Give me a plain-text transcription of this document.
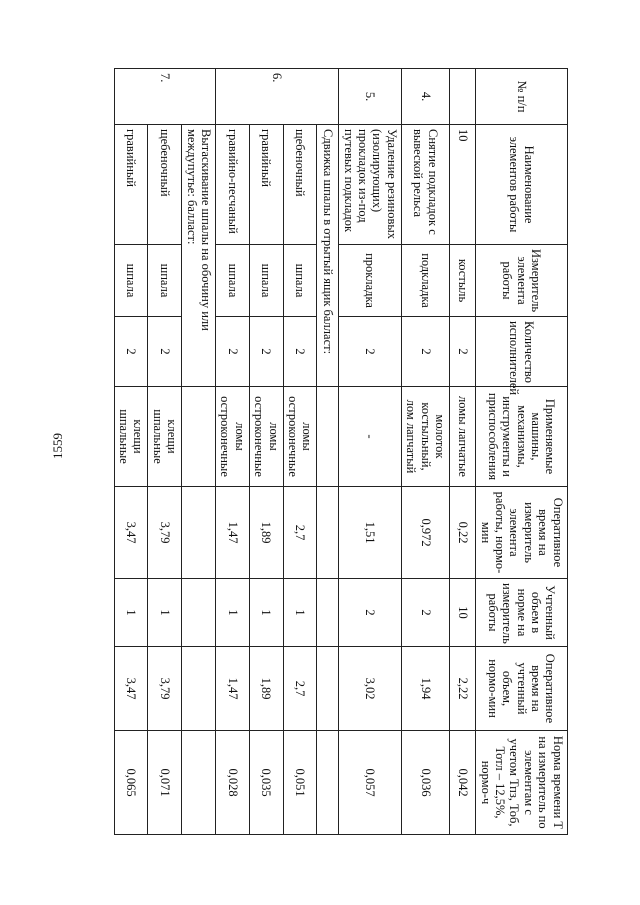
1559
№ п/п	Наименование элементов работы	Измеритель элемента работы	Количество исполнителей	Применяемые машины, механизмы, инструменты и приспособления	Оперативное время на измеритель элемента работы, нормо-мин	Учтенный объем в норме на измеритель работы	Оперативное время на учтенный объем, нормо-мин	Норма времени Т на измеритель по элементам с учетом Тпз, Тоб, Тотл – 12,5%, нормо-ч
	10	костыль	2	ломы лапчатые	0,22	10	2,22	0,042
4.	Снятие подкладок с вывеской рельса	подкладка	2	молоток костыльный, лом лапчатый	0,972	2	1,94	0,036
5.	Удаление резиновых (изолирующих) прокладок из-под путевых подкладок	прокладка	2	-	1,51	2	3,02	0,057
6.	Сдвижка шпалы в отрытый ящик балласт:							
	щебеночный	шпала	2	ломы остроконечные	2,7	1	2,7	0,051
	гравийный	шпала	2	ломы остроконечные	1,89	1	1,89	0,035
	гравийно-песчаный	шпала	2	ломы остроконечные	1,47	1	1,47	0,028
7.	Вытаскивание шпалы на обочину или междупутье: балласт:							
	щебеночный	шпала	2	клещи шпальные	3,79	1	3,79	0,071
	гравийный	шпала	2	клещи шпальные	3,47	1	3,47	0,065
